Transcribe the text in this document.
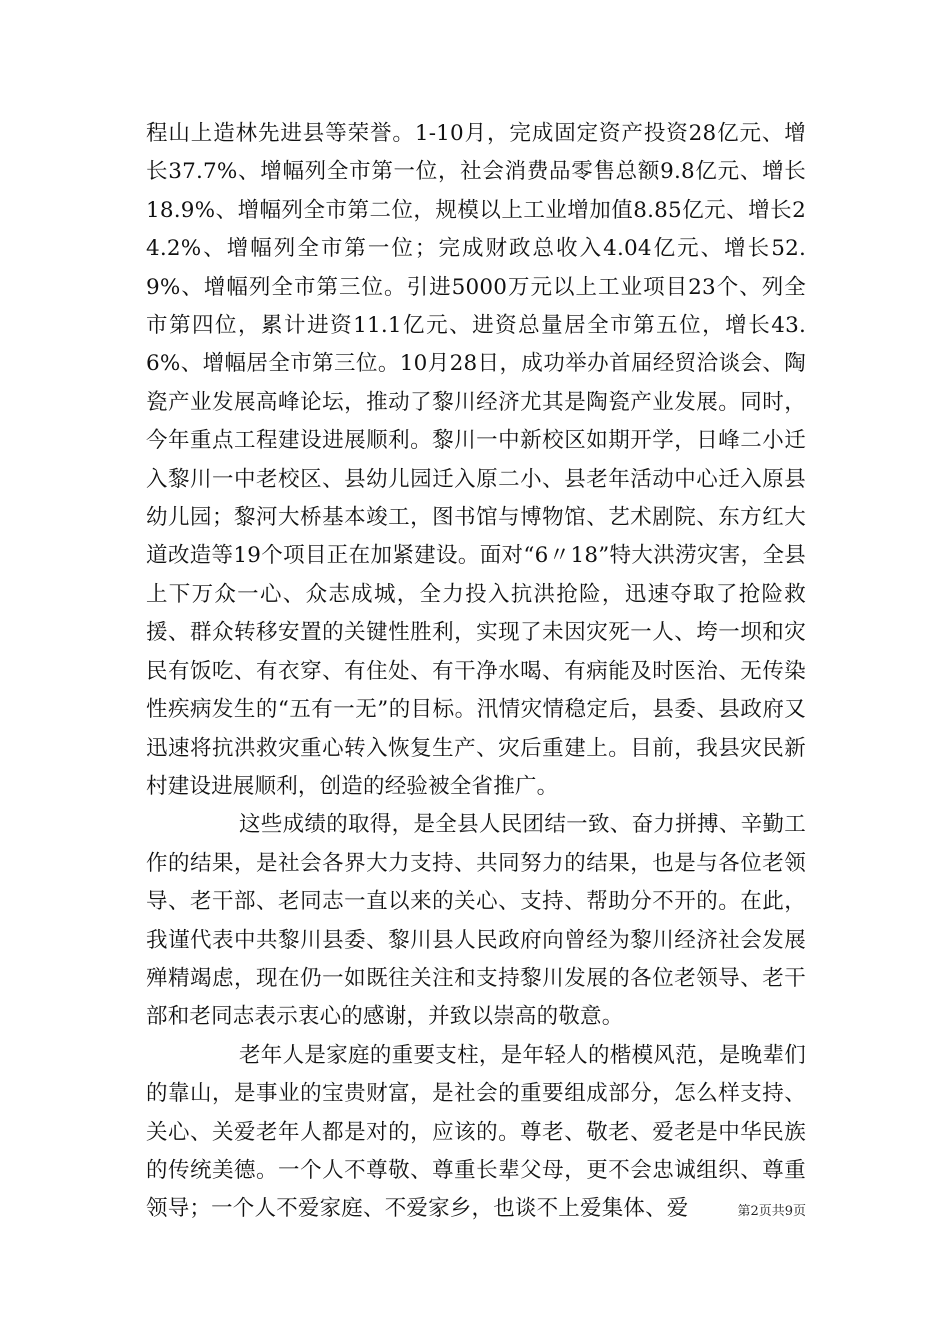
程山上造林先进县等荣誉。1-10月，完成固定资产投资28亿元、增长37.7%、增幅列全市第一位，社会消费品零售总额9.8亿元、增长18.9%、增幅列全市第二位，规模以上工业增加值8.85亿元、增长24.2%、增幅列全市第一位；完成财政总收入4.04亿元、增长52.9%、增幅列全市第三位。引进5000万元以上工业项目23个、列全市第四位，累计进资11.1亿元、进资总量居全市第五位，增长43.6%、增幅居全市第三位。10月28日，成功举办首届经贸洽谈会、陶瓷产业发展高峰论坛，推动了黎川经济尤其是陶瓷产业发展。同时，今年重点工程建设进展顺利。黎川一中新校区如期开学，日峰二小迁入黎川一中老校区、县幼儿园迁入原二小、县老年活动中心迁入原县幼儿园；黎河大桥基本竣工，图书馆与博物馆、艺术剧院、东方红大道改造等19个项目正在加紧建设。面对“6〃18”特大洪涝灾害，全县上下万众一心、众志成城，全力投入抗洪抢险，迅速夺取了抢险救援、群众转移安置的关键性胜利，实现了未因灾死一人、垮一坝和灾民有饭吃、有衣穿、有住处、有干净水喝、有病能及时医治、无传染性疾病发生的“五有一无”的目标。汛情灾情稳定后，县委、县政府又迅速将抗洪救灾重心转入恢复生产、灾后重建上。目前，我县灾民新村建设进展顺利，创造的经验被全省推广。

这些成绩的取得，是全县人民团结一致、奋力拼搏、辛勤工作的结果，是社会各界大力支持、共同努力的结果，也是与各位老领导、老干部、老同志一直以来的关心、支持、帮助分不开的。在此，我谨代表中共黎川县委、黎川县人民政府向曾经为黎川经济社会发展殚精竭虑，现在仍一如既往关注和支持黎川发展的各位老领导、老干部和老同志表示衷心的感谢，并致以崇高的敬意。

老年人是家庭的重要支柱，是年轻人的楷模风范，是晚辈们的靠山，是事业的宝贵财富，是社会的重要组成部分，怎么样支持、关心、关爱老年人都是对的，应该的。尊老、敬老、爱老是中华民族的传统美德。一个人不尊敬、尊重长辈父母，更不会忠诚组织、尊重领导；一个人不爱家庭、不爱家乡，也谈不上爱集体、爱	第2页共9页
